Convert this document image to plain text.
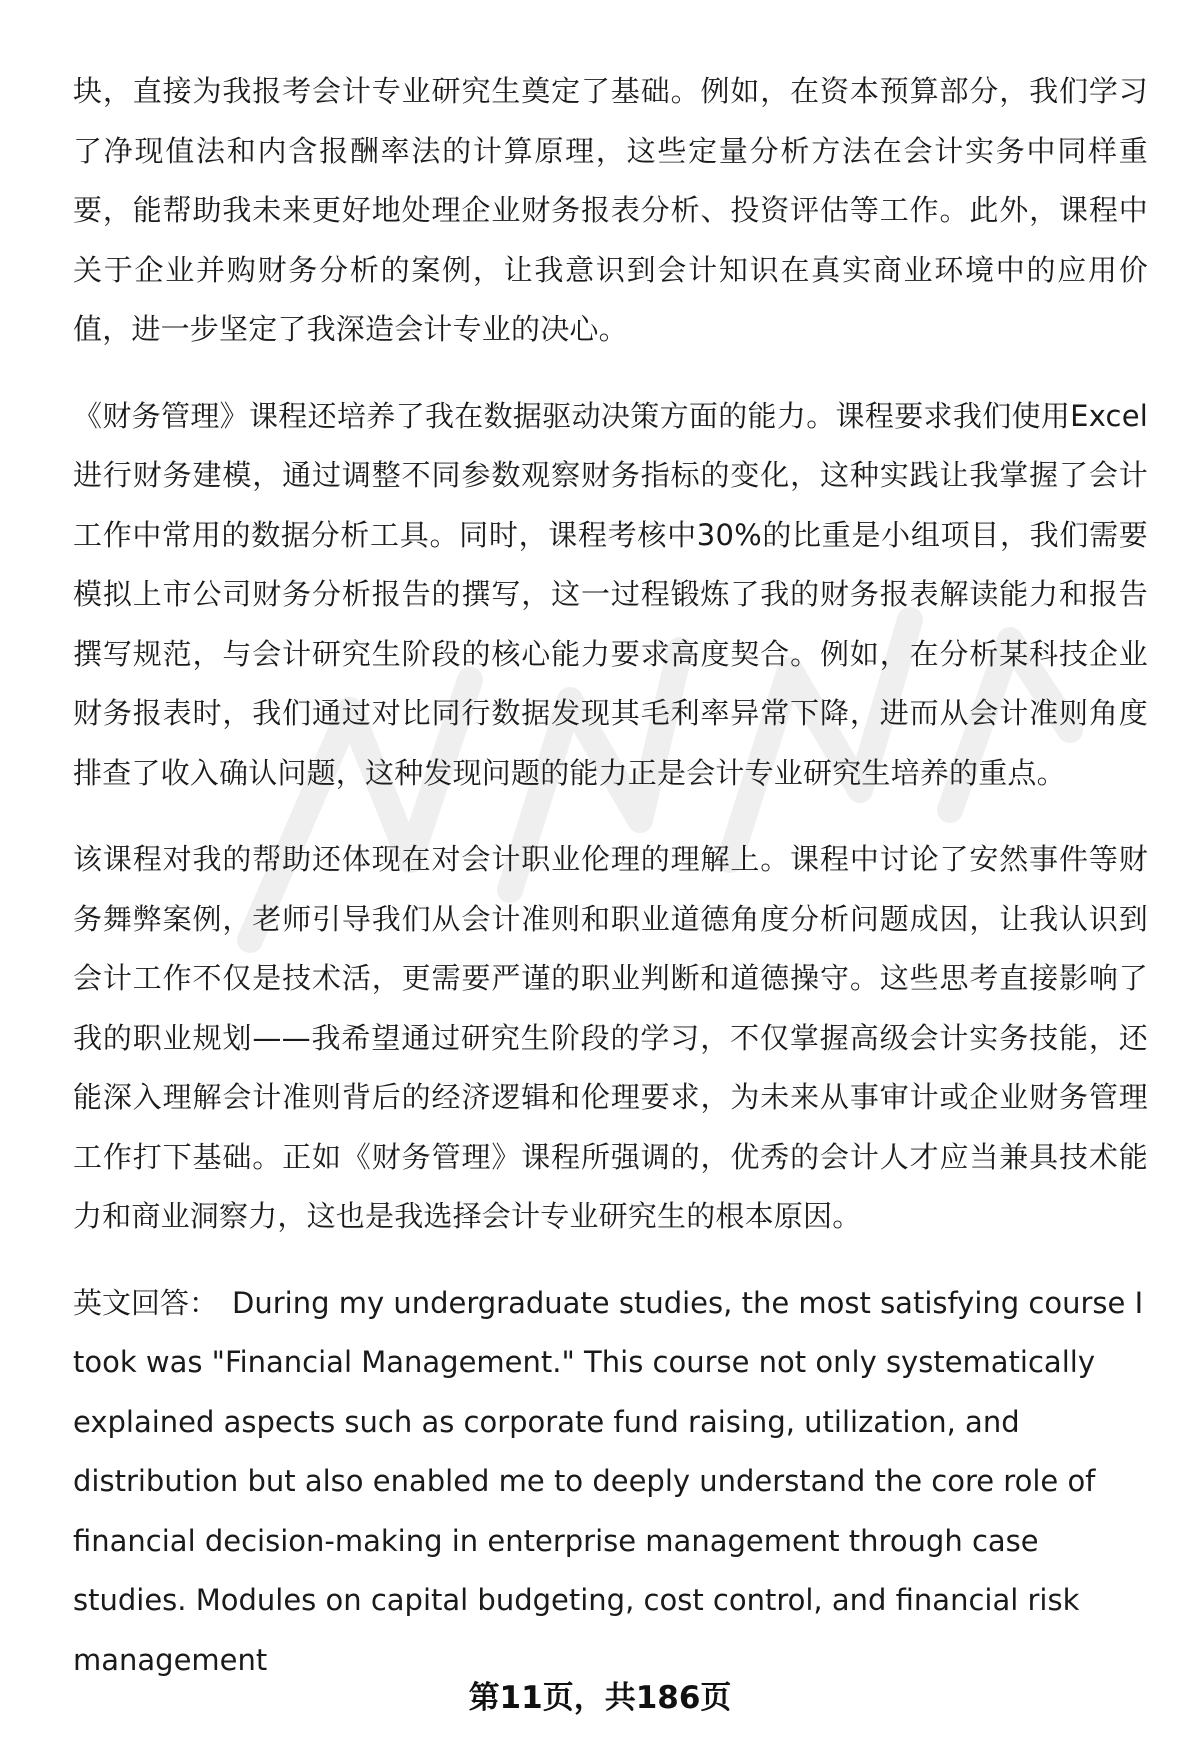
块，直接为我报考会计专业研究生奠定了基础。例如，在资本预算部分，我们学习了净现值法和内含报酬率法的计算原理，这些定量分析方法在会计实务中同样重要，能帮助我未来更好地处理企业财务报表分析、投资评估等工作。此外，课程中关于企业并购财务分析的案例，让我意识到会计知识在真实商业环境中的应用价值，进一步坚定了我深造会计专业的决心。

《财务管理》课程还培养了我在数据驱动决策方面的能力。课程要求我们使用Excel进行财务建模，通过调整不同参数观察财务指标的变化，这种实践让我掌握了会计工作中常用的数据分析工具。同时，课程考核中30%的比重是小组项目，我们需要模拟上市公司财务分析报告的撰写，这一过程锻炼了我的财务报表解读能力和报告撰写规范，与会计研究生阶段的核心能力要求高度契合。例如，在分析某科技企业财务报表时，我们通过对比同行数据发现其毛利率异常下降，进而从会计准则角度排查了收入确认问题，这种发现问题的能力正是会计专业研究生培养的重点。

该课程对我的帮助还体现在对会计职业伦理的理解上。课程中讨论了安然事件等财务舞弊案例，老师引导我们从会计准则和职业道德角度分析问题成因，让我认识到会计工作不仅是技术活，更需要严谨的职业判断和道德操守。这些思考直接影响了我的职业规划——我希望通过研究生阶段的学习，不仅掌握高级会计实务技能，还能深入理解会计准则背后的经济逻辑和伦理要求，为未来从事审计或企业财务管理工作打下基础。正如《财务管理》课程所强调的，优秀的会计人才应当兼具技术能力和商业洞察力，这也是我选择会计专业研究生的根本原因。

英文回答： During my undergraduate studies, the most satisfying course I took was "Financial Management." This course not only systematically explained aspects such as corporate fund raising, utilization, and distribution but also enabled me to deeply understand the core role of financial decision-making in enterprise management through case studies. Modules on capital budgeting, cost control, and financial risk management

第11页，共186页
